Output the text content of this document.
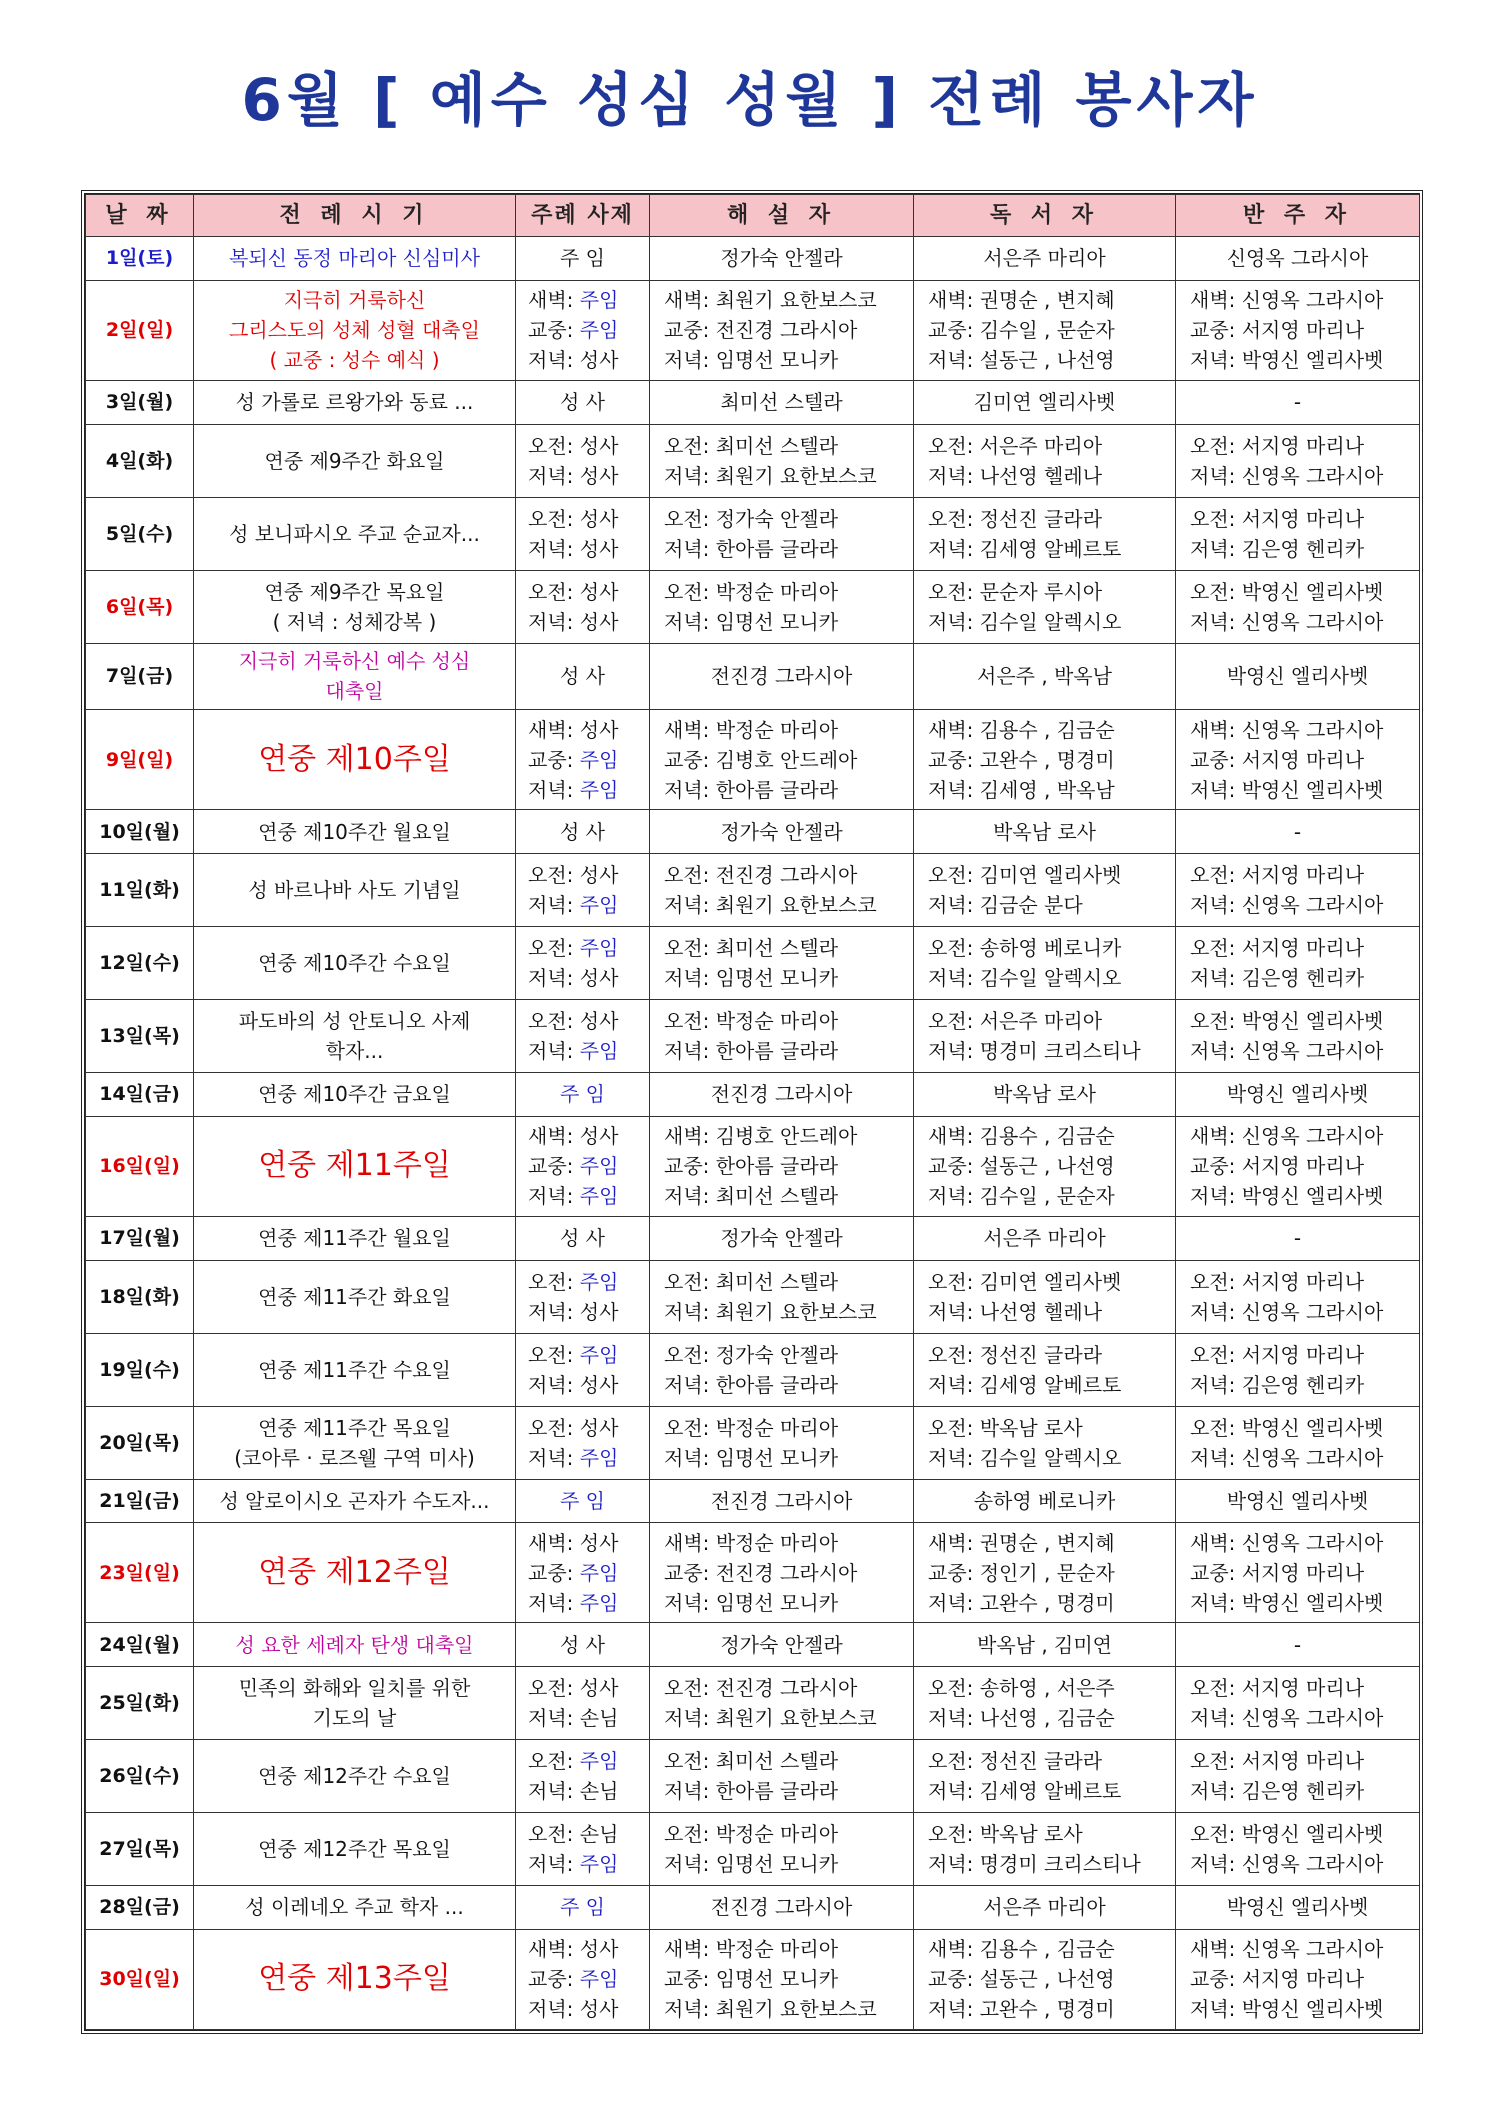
6월 [ 예수 성심 성월 ] 전례 봉사자
날 짜	전 례 시 기	주례 사제	해 설 자	독 서 자	반 주 자
1일(토)	복되신 동정 마리아 신심미사	주 임	정가숙 안젤라	서은주 마리아	신영옥 그라시아

2일(일)	지극히 거룩하신
그리스도의 성체 성혈 대축일
( 교중 : 성수 예식 )	새벽: 주임
교중: 주임
저녁: 성사	새벽: 최원기 요한보스코
교중: 전진경 그라시아
저녁: 임명선 모니카	새벽: 권명순 , 변지혜
교중: 김수일 , 문순자
저녁: 설동근 , 나선영	새벽: 신영옥 그라시아
교중: 서지영 마리나
저녁: 박영신 엘리사벳

3일(월)	성 가롤로 르왕가와 동료 ...	성 사	최미선 스텔라	김미연 엘리사벳	-

4일(화)	연중 제9주간 화요일	오전: 성사
저녁: 성사	오전: 최미선 스텔라
저녁: 최원기 요한보스코	오전: 서은주 마리아
저녁: 나선영 헬레나	오전: 서지영 마리나
저녁: 신영옥 그라시아

5일(수)	성 보니파시오 주교 순교자...	오전: 성사
저녁: 성사	오전: 정가숙 안젤라
저녁: 한아름 글라라	오전: 정선진 글라라
저녁: 김세영 알베르토	오전: 서지영 마리나
저녁: 김은영 헨리카

6일(목)	연중 제9주간 목요일
( 저녁 : 성체강복 )	오전: 성사
저녁: 성사	오전: 박정순 마리아
저녁: 임명선 모니카	오전: 문순자 루시아
저녁: 김수일 알렉시오	오전: 박영신 엘리사벳
저녁: 신영옥 그라시아

7일(금)	지극히 거룩하신 예수 성심
대축일	성 사	전진경 그라시아	서은주 , 박옥남	박영신 엘리사벳

9일(일)	연중 제10주일	새벽: 성사
교중: 주임
저녁: 주임	새벽: 박정순 마리아
교중: 김병호 안드레아
저녁: 한아름 글라라	새벽: 김용수 , 김금순
교중: 고완수 , 명경미
저녁: 김세영 , 박옥남	새벽: 신영옥 그라시아
교중: 서지영 마리나
저녁: 박영신 엘리사벳

10일(월)	연중 제10주간 월요일	성 사	정가숙 안젤라	박옥남 로사	-

11일(화)	성 바르나바 사도 기념일	오전: 성사
저녁: 주임	오전: 전진경 그라시아
저녁: 최원기 요한보스코	오전: 김미연 엘리사벳
저녁: 김금순 분다	오전: 서지영 마리나
저녁: 신영옥 그라시아

12일(수)	연중 제10주간 수요일	오전: 주임
저녁: 성사	오전: 최미선 스텔라
저녁: 임명선 모니카	오전: 송하영 베로니카
저녁: 김수일 알렉시오	오전: 서지영 마리나
저녁: 김은영 헨리카

13일(목)	파도바의 성 안토니오 사제
학자...	오전: 성사
저녁: 주임	오전: 박정순 마리아
저녁: 한아름 글라라	오전: 서은주 마리아
저녁: 명경미 크리스티나	오전: 박영신 엘리사벳
저녁: 신영옥 그라시아

14일(금)	연중 제10주간 금요일	주 임	전진경 그라시아	박옥남 로사	박영신 엘리사벳

16일(일)	연중 제11주일	새벽: 성사
교중: 주임
저녁: 주임	새벽: 김병호 안드레아
교중: 한아름 글라라
저녁: 최미선 스텔라	새벽: 김용수 , 김금순
교중: 설동근 , 나선영
저녁: 김수일 , 문순자	새벽: 신영옥 그라시아
교중: 서지영 마리나
저녁: 박영신 엘리사벳

17일(월)	연중 제11주간 월요일	성 사	정가숙 안젤라	서은주 마리아	-

18일(화)	연중 제11주간 화요일	오전: 주임
저녁: 성사	오전: 최미선 스텔라
저녁: 최원기 요한보스코	오전: 김미연 엘리사벳
저녁: 나선영 헬레나	오전: 서지영 마리나
저녁: 신영옥 그라시아

19일(수)	연중 제11주간 수요일	오전: 주임
저녁: 성사	오전: 정가숙 안젤라
저녁: 한아름 글라라	오전: 정선진 글라라
저녁: 김세영 알베르토	오전: 서지영 마리나
저녁: 김은영 헨리카

20일(목)	연중 제11주간 목요일
(코아루 · 로즈웰 구역 미사)	오전: 성사
저녁: 주임	오전: 박정순 마리아
저녁: 임명선 모니카	오전: 박옥남 로사
저녁: 김수일 알렉시오	오전: 박영신 엘리사벳
저녁: 신영옥 그라시아

21일(금)	성 알로이시오 곤자가 수도자...	주 임	전진경 그라시아	송하영 베로니카	박영신 엘리사벳

23일(일)	연중 제12주일	새벽: 성사
교중: 주임
저녁: 주임	새벽: 박정순 마리아
교중: 전진경 그라시아
저녁: 임명선 모니카	새벽: 권명순 , 변지혜
교중: 정인기 , 문순자
저녁: 고완수 , 명경미	새벽: 신영옥 그라시아
교중: 서지영 마리나
저녁: 박영신 엘리사벳

24일(월)	성 요한 세례자 탄생 대축일	성 사	정가숙 안젤라	박옥남 , 김미연	-

25일(화)	민족의 화해와 일치를 위한
기도의 날	오전: 성사
저녁: 손님	오전: 전진경 그라시아
저녁: 최원기 요한보스코	오전: 송하영 , 서은주
저녁: 나선영 , 김금순	오전: 서지영 마리나
저녁: 신영옥 그라시아

26일(수)	연중 제12주간 수요일	오전: 주임
저녁: 손님	오전: 최미선 스텔라
저녁: 한아름 글라라	오전: 정선진 글라라
저녁: 김세영 알베르토	오전: 서지영 마리나
저녁: 김은영 헨리카

27일(목)	연중 제12주간 목요일	오전: 손님
저녁: 주임	오전: 박정순 마리아
저녁: 임명선 모니카	오전: 박옥남 로사
저녁: 명경미 크리스티나	오전: 박영신 엘리사벳
저녁: 신영옥 그라시아

28일(금)	성 이레네오 주교 학자 ...	주 임	전진경 그라시아	서은주 마리아	박영신 엘리사벳

30일(일)	연중 제13주일	새벽: 성사
교중: 주임
저녁: 성사	새벽: 박정순 마리아
교중: 임명선 모니카
저녁: 최원기 요한보스코	새벽: 김용수 , 김금순
교중: 설동근 , 나선영
저녁: 고완수 , 명경미	새벽: 신영옥 그라시아
교중: 서지영 마리나
저녁: 박영신 엘리사벳
